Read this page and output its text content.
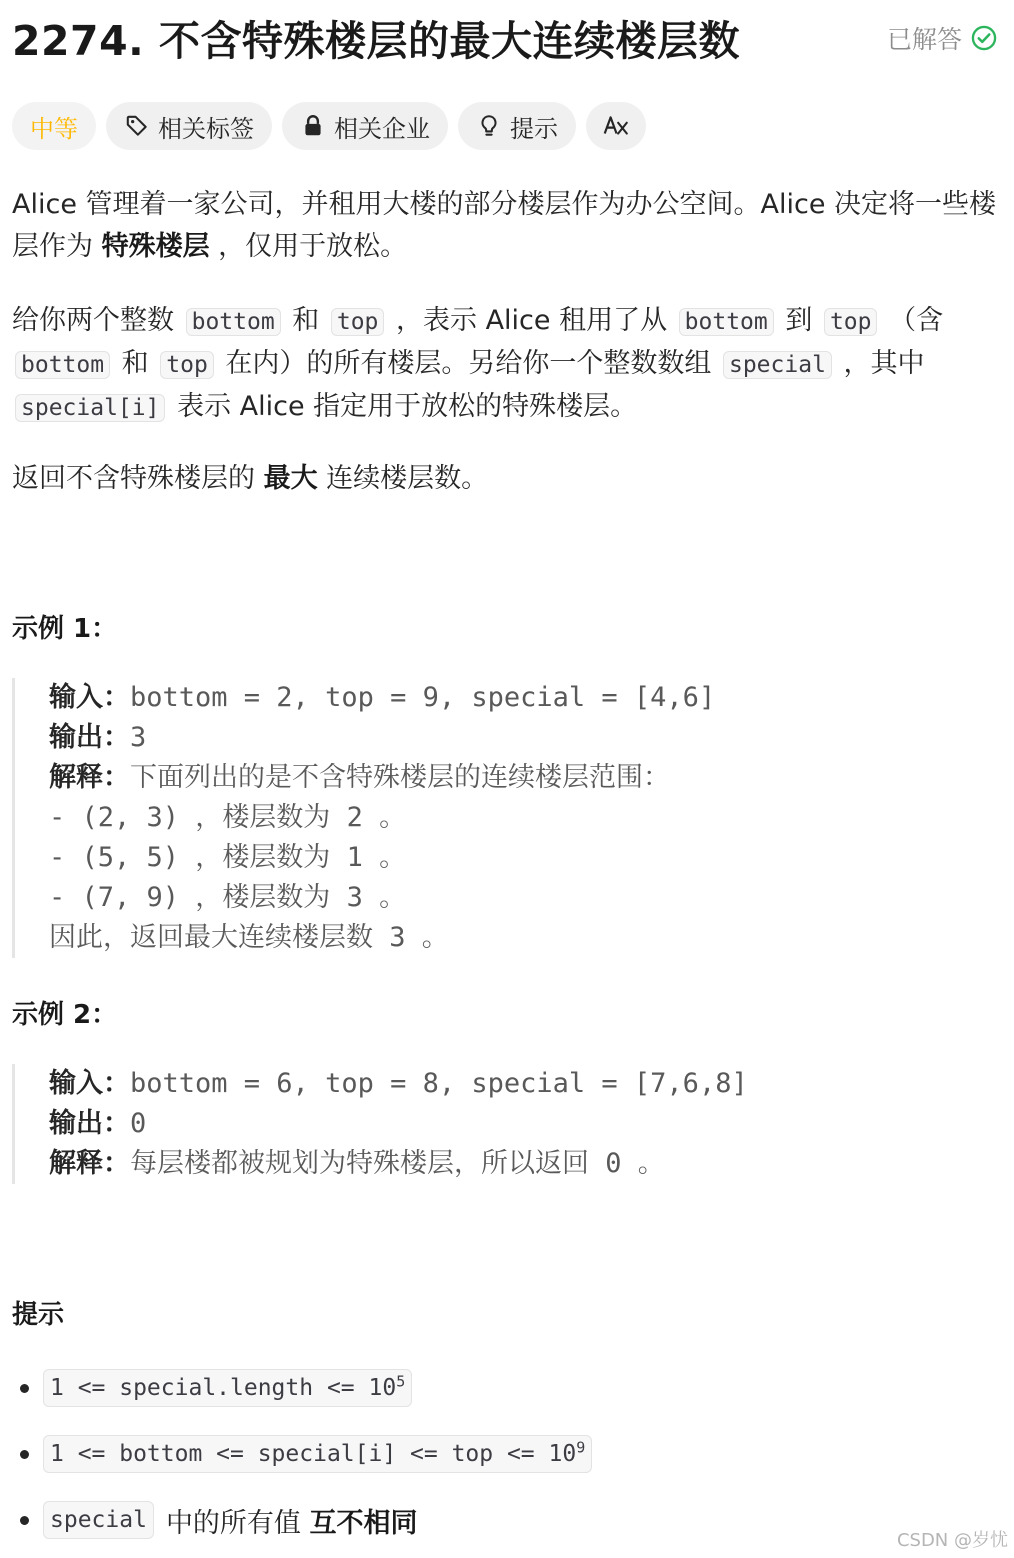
2274. 不含特殊楼层的最大连续楼层数	已解答
中等	相关标签	相关企业	提示
Alice 管理着一家公司，并租用大楼的部分楼层作为办公空间。Alice 决定将一些楼层作为 特殊楼层 ，仅用于放松。
给你两个整数 bottom 和 top ，表示 Alice 租用了从 bottom 到 top （含 bottom 和 top 在内）的所有楼层。另给你一个整数数组 special ，其中 special[i] 表示 Alice 指定用于放松的特殊楼层。
返回不含特殊楼层的 最大 连续楼层数。
示例 1：
输入：bottom = 2, top = 9, special = [4,6]
输出：3
解释：下面列出的是不含特殊楼层的连续楼层范围：
- (2, 3) ，楼层数为 2 。
- (5, 5) ，楼层数为 1 。
- (7, 9) ，楼层数为 3 。
因此，返回最大连续楼层数 3 。
示例 2：
输入：bottom = 6, top = 8, special = [7,6,8]
输出：0
解释：每层楼都被规划为特殊楼层，所以返回 0 。
提示
1 <= special.length <= $10^5$
1 <= bottom <= special[i] <= top <= $10^9$
special 中的所有值 互不相同
CSDN @岁忧
